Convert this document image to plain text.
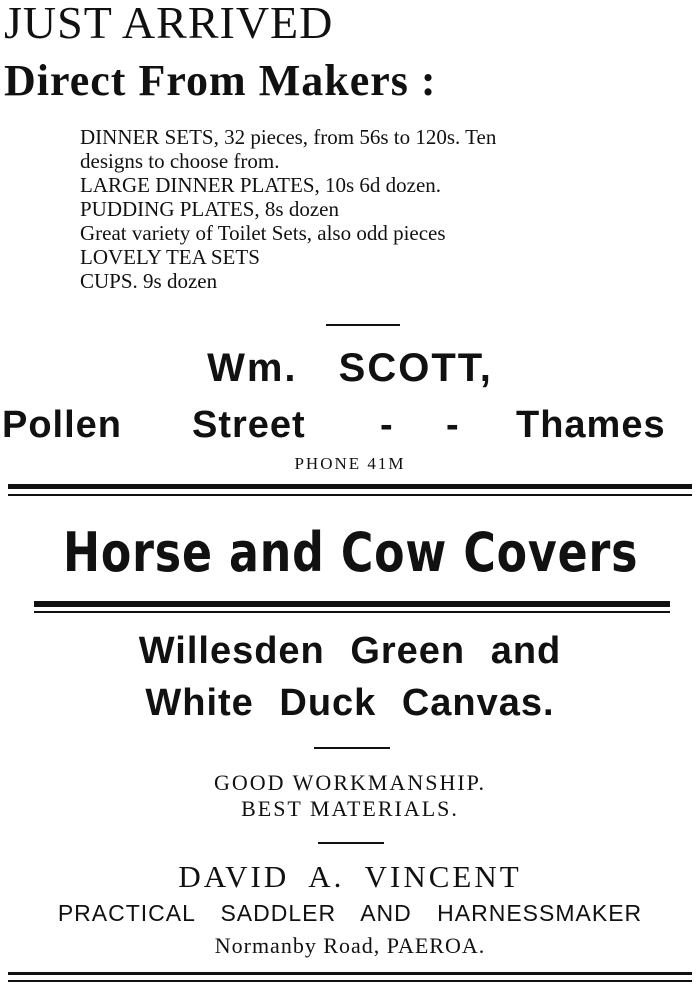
JUST ARRIVED
Direct From Makers :
DINNER SETS, 32 pieces, from 56s to 120s. Ten
designs to choose from.
LARGE DINNER PLATES, 10s 6d dozen.
PUDDING PLATES, 8s dozen
Great variety of Toilet Sets, also odd pieces
LOVELY TEA SETS
CUPS. 9s dozen
Wm. SCOTT,
Pollen Street - - Thames
PHONE 41M
Horse and Cow Covers
Willesden Green and
White Duck Canvas.
GOOD WORKMANSHIP.
BEST MATERIALS.
DAVID A. VINCENT
PRACTICAL SADDLER AND HARNESSMAKER
Normanby Road, PAEROA.
